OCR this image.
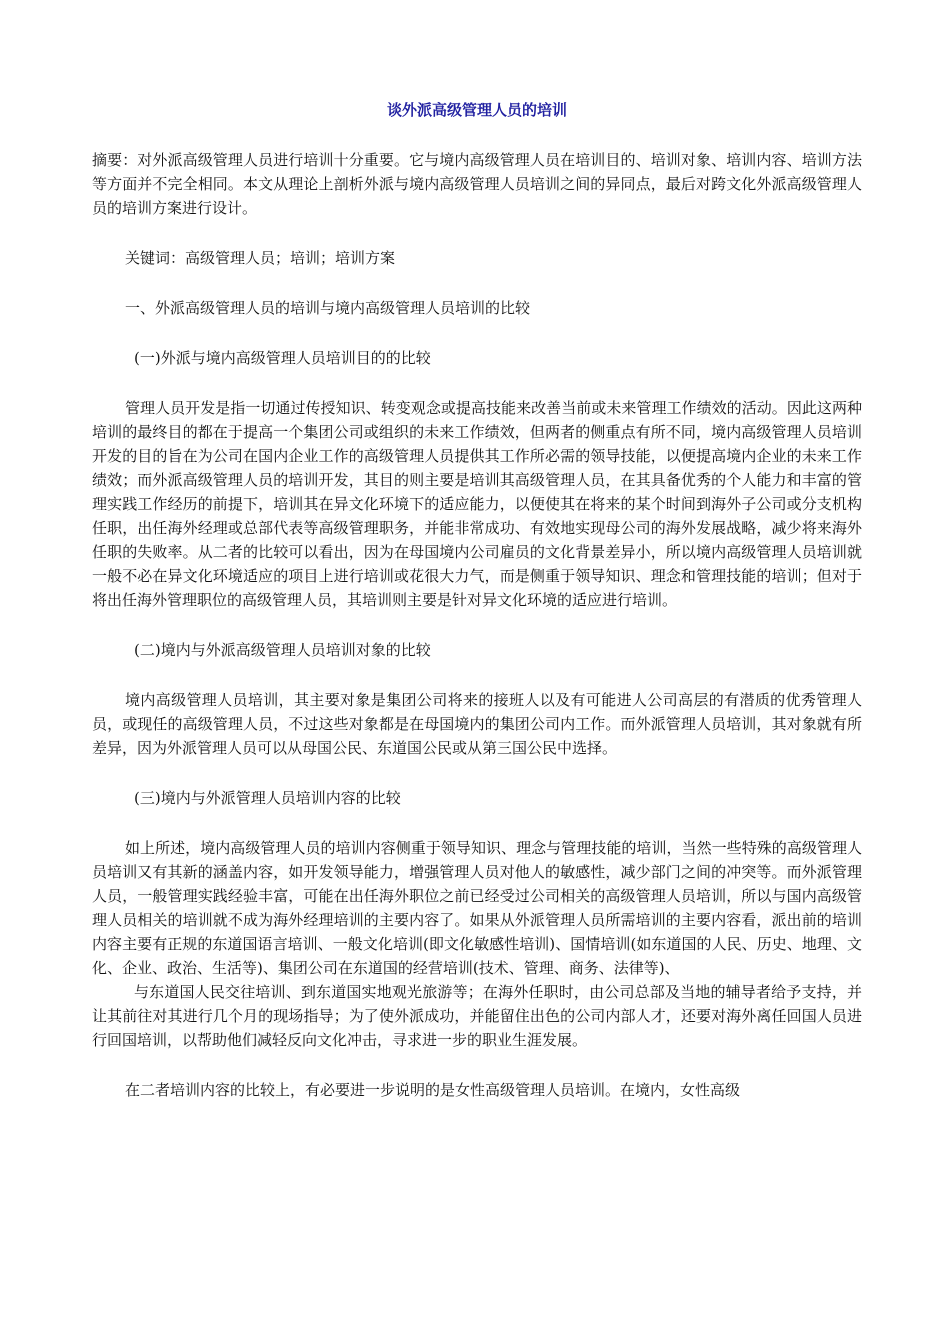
谈外派高级管理人员的培训

摘要：对外派高级管理人员进行培训十分重要。它与境内高级管理人员在培训目的、培训对象、培训内容、培训方法等方面并不完全相同。本文从理论上剖析外派与境内高级管理人员培训之间的异同点，最后对跨文化外派高级管理人员的培训方案进行设计。

关键词：高级管理人员；培训；培训方案

一、外派高级管理人员的培训与境内高级管理人员培训的比较

(一)外派与境内高级管理人员培训目的的比较

管理人员开发是指一切通过传授知识、转变观念或提高技能来改善当前或未来管理工作绩效的活动。因此这两种培训的最终目的都在于提高一个集团公司或组织的未来工作绩效，但两者的侧重点有所不同，境内高级管理人员培训开发的目的旨在为公司在国内企业工作的高级管理人员提供其工作所必需的领导技能，以便提高境内企业的未来工作绩效；而外派高级管理人员的培训开发，其目的则主要是培训其高级管理人员，在其具备优秀的个人能力和丰富的管理实践工作经历的前提下，培训其在异文化环境下的适应能力，以便使其在将来的某个时间到海外子公司或分支机构任职，出任海外经理或总部代表等高级管理职务，并能非常成功、有效地实现母公司的海外发展战略，减少将来海外任职的失败率。从二者的比较可以看出，因为在母国境内公司雇员的文化背景差异小，所以境内高级管理人员培训就一般不必在异文化环境适应的项目上进行培训或花很大力气，而是侧重于领导知识、理念和管理技能的培训；但对于将出任海外管理职位的高级管理人员，其培训则主要是针对异文化环境的适应进行培训。

(二)境内与外派高级管理人员培训对象的比较

境内高级管理人员培训，其主要对象是集团公司将来的接班人以及有可能进人公司高层的有潜质的优秀管理人员，或现任的高级管理人员，不过这些对象都是在母国境内的集团公司内工作。而外派管理人员培训，其对象就有所差异，因为外派管理人员可以从母国公民、东道国公民或从第三国公民中选择。

(三)境内与外派管理人员培训内容的比较

如上所述，境内高级管理人员的培训内容侧重于领导知识、理念与管理技能的培训，当然一些特殊的高级管理人员培训又有其新的涵盖内容，如开发领导能力，增强管理人员对他人的敏感性，减少部门之间的冲突等。而外派管理人员，一般管理实践经验丰富，可能在出任海外职位之前已经受过公司相关的高级管理人员培训，所以与国内高级管理人员相关的培训就不成为海外经理培训的主要内容了。如果从外派管理人员所需培训的主要内容看，派出前的培训内容主要有正规的东道国语言培训、一般文化培训(即文化敏感性培训)、国情培训(如东道国的人民、历史、地理、文化、企业、政治、生活等)、集团公司在东道国的经营培训(技术、管理、商务、法律等)、

与东道国人民交往培训、到东道国实地观光旅游等；在海外任职时，由公司总部及当地的辅导者给予支持，并让其前往对其进行几个月的现场指导；为了使外派成功，并能留住出色的公司内部人才，还要对海外离任回国人员进行回国培训，以帮助他们减轻反向文化冲击，寻求进一步的职业生涯发展。

在二者培训内容的比较上，有必要进一步说明的是女性高级管理人员培训。在境内，女性高级
